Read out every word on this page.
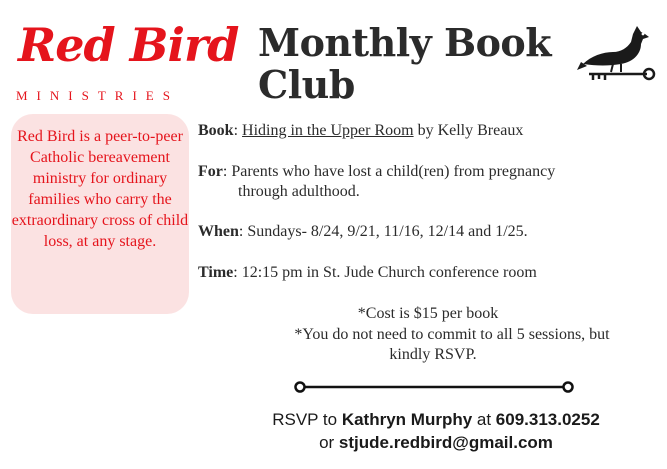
Red Bird
MINISTRIES
Monthly Book
Club
Red Bird is a peer-to-peer Catholic bereavement ministry for ordinary families who carry the extraordinary cross of child loss, at any stage.
Book: Hiding in the Upper Room by Kelly Breaux
For: Parents who have lost a child(ren) from pregnancy
through adulthood.
When: Sundays- 8/24, 9/21, 11/16, 12/14 and 1/25.
Time: 12:15 pm in St. Jude Church conference room
*Cost is $15 per book
*You do not need to commit to all 5 sessions, but
kindly RSVP.
RSVP to Kathryn Murphy at 609.313.0252
or stjude.redbird@gmail.com
